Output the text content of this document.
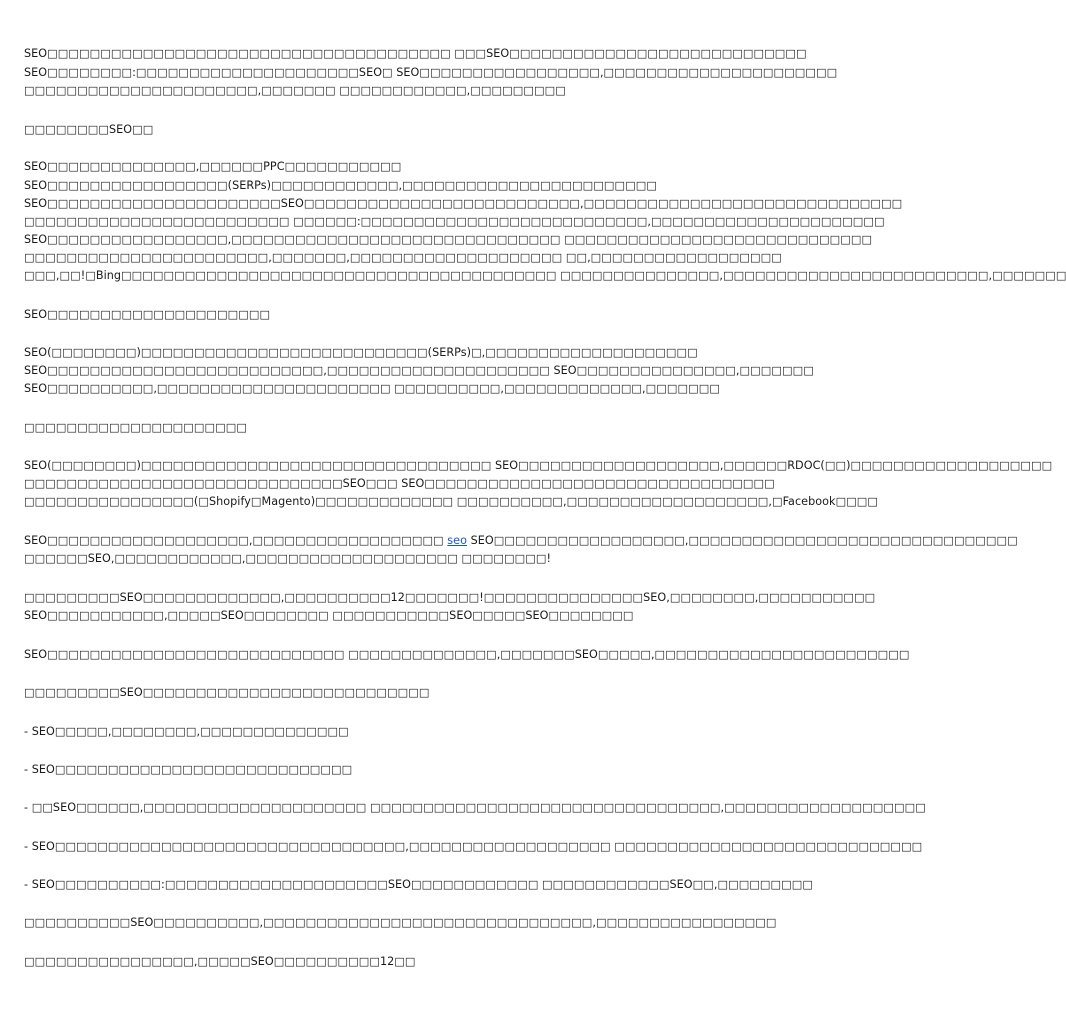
SEO□□□□□□□□□□□□□□□□□□□□□□□□□□□□□□□□□□□□□□ □□□SEO□□□□□□□□□□□□□□□□□□□□□□□□□□□□
SEO□□□□□□□□:□□□□□□□□□□□□□□□□□□□□□SEO□ SEO□□□□□□□□□□□□□□□□□,□□□□□□□□□□□□□□□□□□□□□□
□□□□□□□□□□□□□□□□□□□□□□,□□□□□□□ □□□□□□□□□□□□,□□□□□□□□□
□□□□□□□□SEO□□
SEO□□□□□□□□□□□□□□,□□□□□□PPC□□□□□□□□□□□
SEO□□□□□□□□□□□□□□□□□(SERPs)□□□□□□□□□□□□,□□□□□□□□□□□□□□□□□□□□□□□□
SEO□□□□□□□□□□□□□□□□□□□□□□SEO□□□□□□□□□□□□□□□□□□□□□□□□□□,□□□□□□□□□□□□□□□□□□□□□□□□□□□□□□
□□□□□□□□□□□□□□□□□□□□□□□□□ □□□□□□:□□□□□□□□□□□□□□□□□□□□□□□□□□□,□□□□□□□□□□□□□□□□□□□□□□
SEO□□□□□□□□□□□□□□□□□,□□□□□□□□□□□□□□□□□□□□□□□□□□□□□□□ □□□□□□□□□□□□□□□□□□□□□□□□□□□□□
□□□□□□□□□□□□□□□□□□□□□□□,□□□□□□□,□□□□□□□□□□□□□□□□□□□□ □□,□□□□□□□□□□□□□□□□□□
□□□,□□!□Bing□□□□□□□□□□□□□□□□□□□□□□□□□□□□□□□□□□□□□□□□□ □□□□□□□□□□□□□□□,□□□□□□□□□□□□□□□□□□□□□□□□□,□□□□□□□
SEO□□□□□□□□□□□□□□□□□□□□□
SEO(□□□□□□□□)□□□□□□□□□□□□□□□□□□□□□□□□□□□(SERPs)□,□□□□□□□□□□□□□□□□□□□□
SEO□□□□□□□□□□□□□□□□□□□□□□□□□□,□□□□□□□□□□□□□□□□□□□□□ SEO□□□□□□□□□□□□□□□,□□□□□□□
SEO□□□□□□□□□□,□□□□□□□□□□□□□□□□□□□□□□ □□□□□□□□□□,□□□□□□□□□□□□□,□□□□□□□
□□□□□□□□□□□□□□□□□□□□□
SEO(□□□□□□□□)□□□□□□□□□□□□□□□□□□□□□□□□□□□□□□□□□ SEO□□□□□□□□□□□□□□□□□□□,□□□□□□RDOC(□□)□□□□□□□□□□□□□□□□□□□
□□□□□□□□□□□□□□□□□□□□□□□□□□□□□□SEO□□□ SEO□□□□□□□□□□□□□□□□□□□□□□□□□□□□□□□□□
□□□□□□□□□□□□□□□□(□Shopify□Magento)□□□□□□□□□□□□□ □□□□□□□□□□,□□□□□□□□□□□□□□□□□□□,□Facebook□□□□
SEO□□□□□□□□□□□□□□□□□□□,□□□□□□□□□□□□□□□□□□ seo SEO□□□□□□□□□□□□□□□□□□,□□□□□□□□□□□□□□□□□□□□□□□□□□□□□□□
□□□□□□SEO,□□□□□□□□□□□□,□□□□□□□□□□□□□□□□□□□□ □□□□□□□□!
□□□□□□□□□SEO□□□□□□□□□□□□□,□□□□□□□□□□12□□□□□□□!□□□□□□□□□□□□□□□SEO,□□□□□□□□,□□□□□□□□□□□
SEO□□□□□□□□□□□,□□□□□SEO□□□□□□□□ □□□□□□□□□□□SEO□□□□□SEO□□□□□□□□
SEO□□□□□□□□□□□□□□□□□□□□□□□□□□□□ □□□□□□□□□□□□□□,□□□□□□□SEO□□□□□,□□□□□□□□□□□□□□□□□□□□□□□□
□□□□□□□□□SEO□□□□□□□□□□□□□□□□□□□□□□□□□□□
- SEO□□□□□,□□□□□□□□,□□□□□□□□□□□□□□
- SEO□□□□□□□□□□□□□□□□□□□□□□□□□□□□
- □□SEO□□□□□□,□□□□□□□□□□□□□□□□□□□□□ □□□□□□□□□□□□□□□□□□□□□□□□□□□□□□□□□,□□□□□□□□□□□□□□□□□□□
- SEO□□□□□□□□□□□□□□□□□□□□□□□□□□□□□□□□□,□□□□□□□□□□□□□□□□□□□ □□□□□□□□□□□□□□□□□□□□□□□□□□□□□
- SEO□□□□□□□□□□:□□□□□□□□□□□□□□□□□□□□□SEO□□□□□□□□□□□□ □□□□□□□□□□□□SEO□□,□□□□□□□□□
□□□□□□□□□□SEO□□□□□□□□□□,□□□□□□□□□□□□□□□□□□□□□□□□□□□□□□□,□□□□□□□□□□□□□□□□□
□□□□□□□□□□□□□□□□,□□□□□SEO□□□□□□□□□□12□□
